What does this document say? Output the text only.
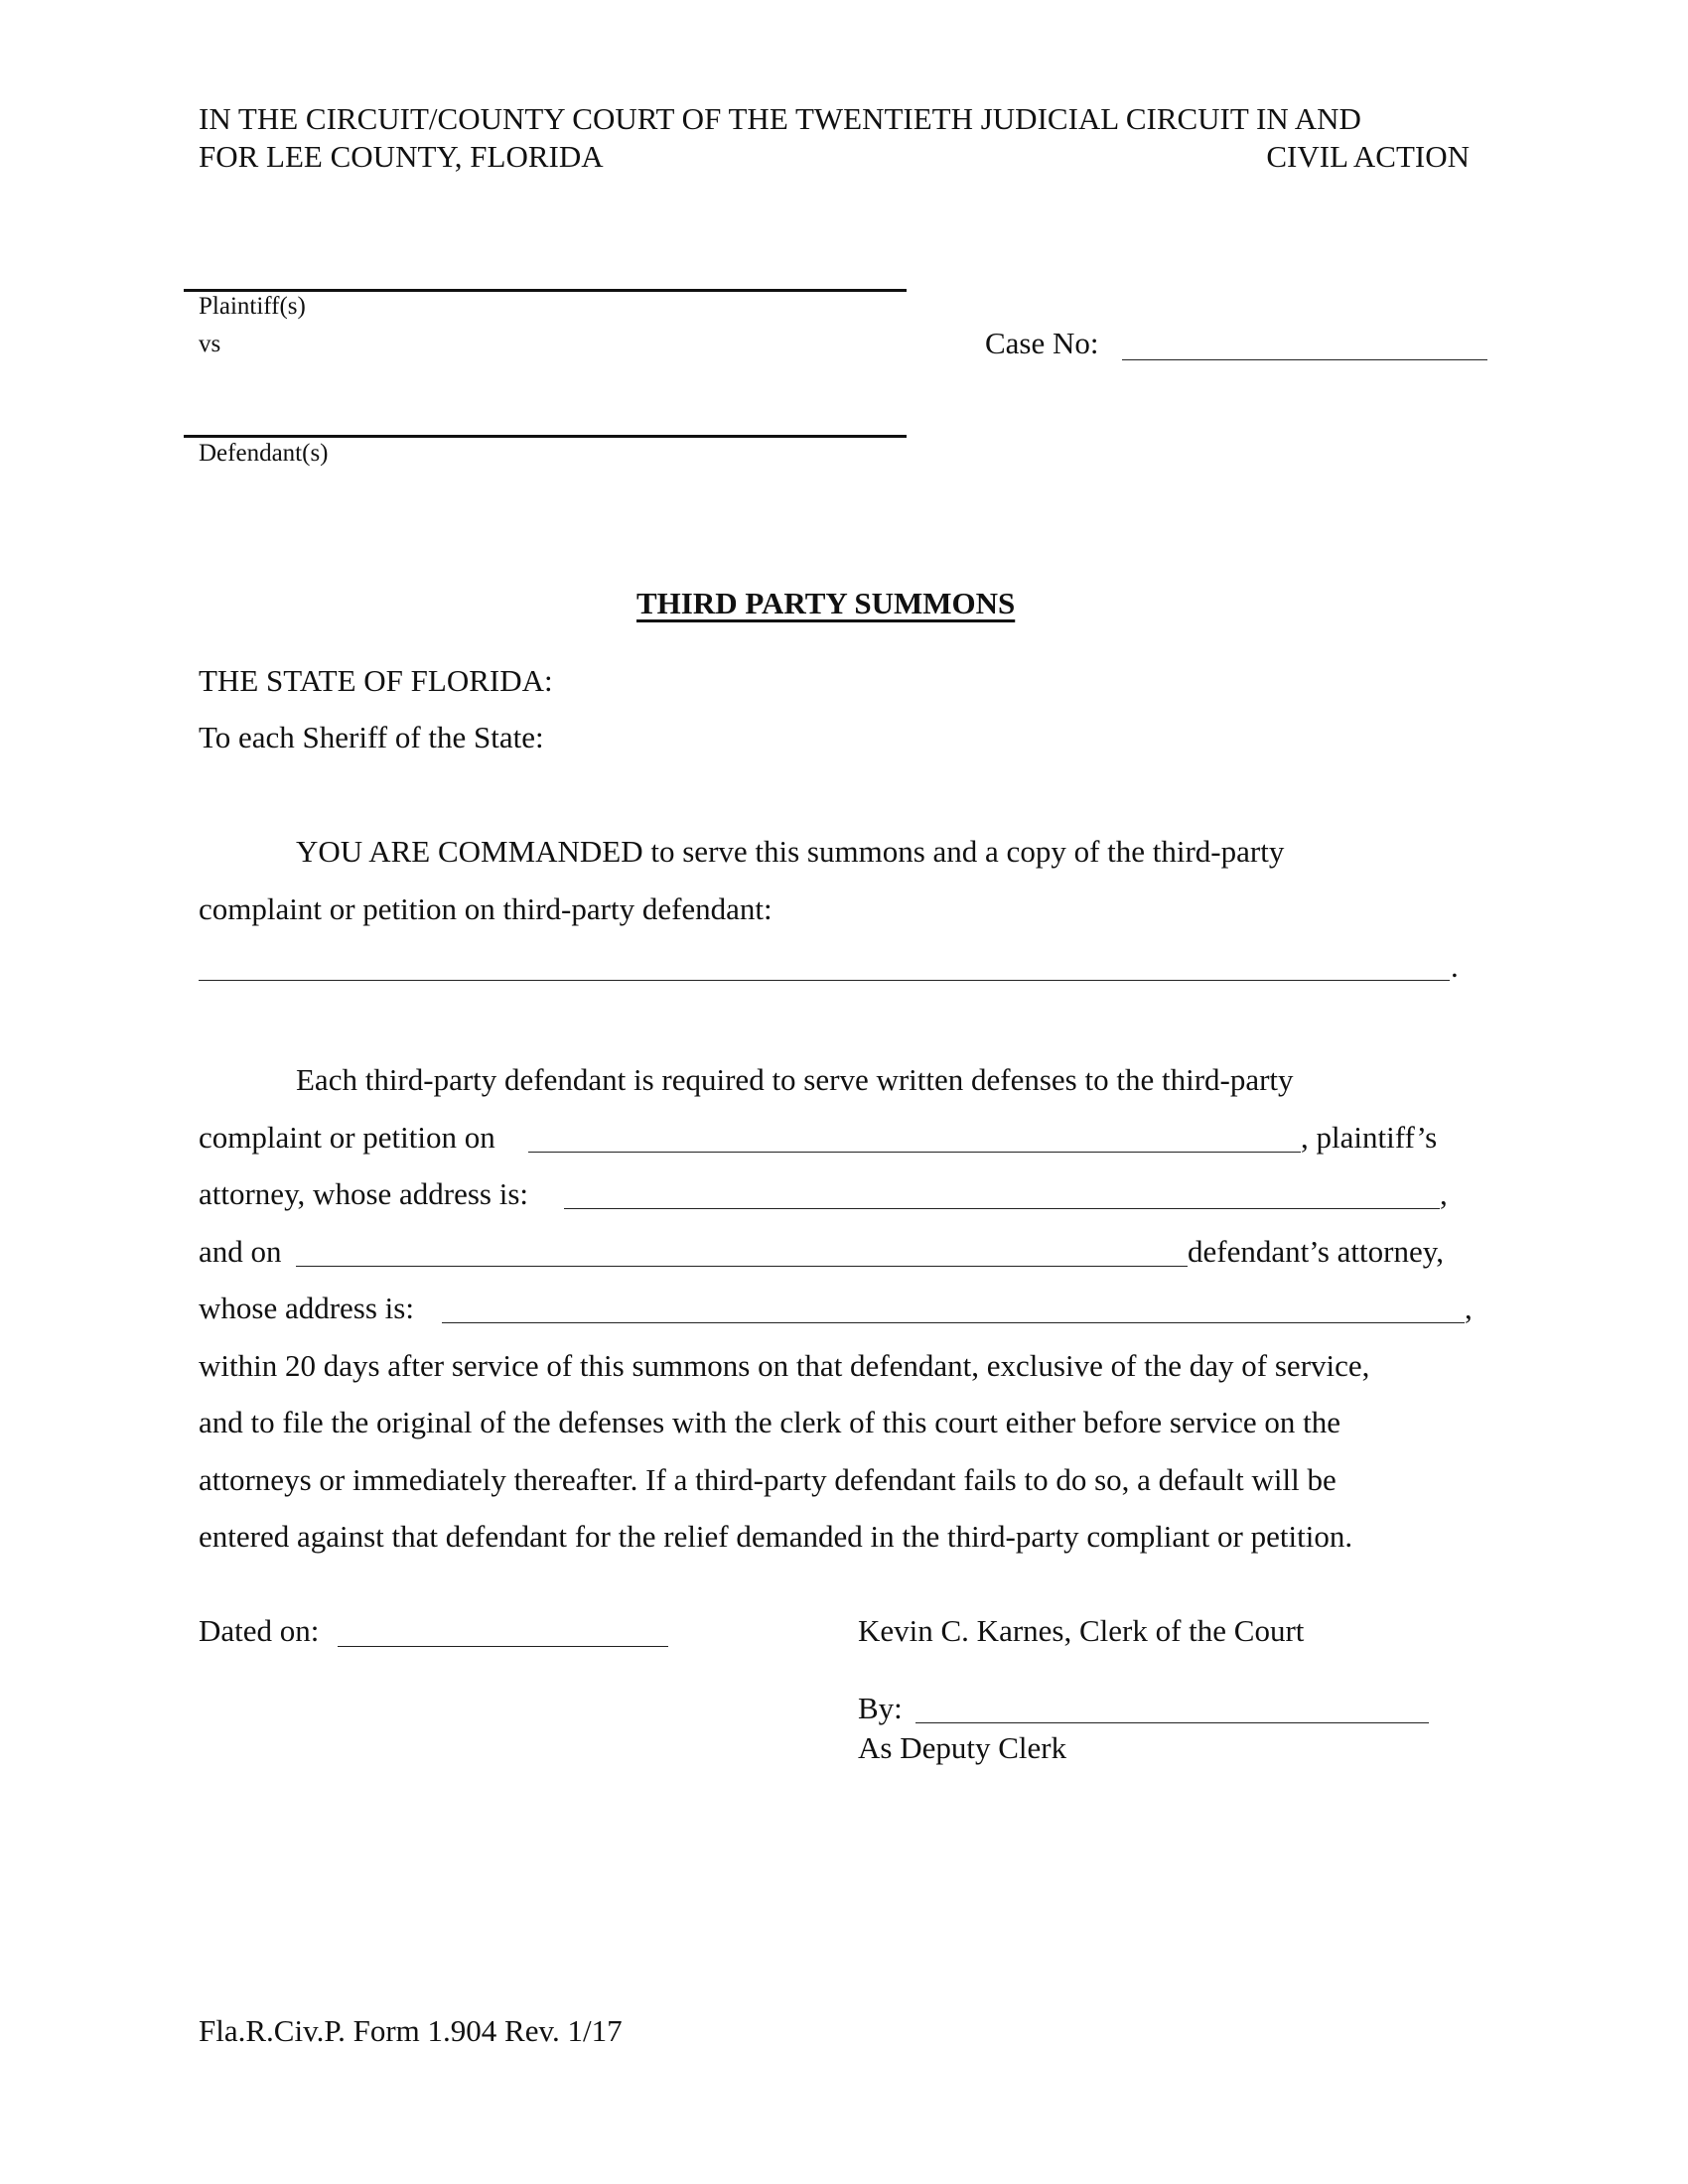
IN THE CIRCUIT/COUNTY COURT OF THE TWENTIETH JUDICIAL CIRCUIT IN AND
FOR LEE COUNTY, FLORIDA	CIVIL ACTION
Plaintiff(s)
vs	Case No:
Defendant(s)
THIRD PARTY SUMMONS
THE STATE OF FLORIDA:
To each Sheriff of the State:
YOU ARE COMMANDED to serve this summons and a copy of the third-party
complaint or petition on third-party defendant:
.
Each third-party defendant is required to serve written defenses to the third-party
complaint or petition on	, plaintiff’s
attorney, whose address is:	,
and on	defendant’s attorney,
whose address is:	,
within 20 days after service of this summons on that defendant, exclusive of the day of service,
and to file the original of the defenses with the clerk of this court either before service on the
attorneys or immediately thereafter. If a third-party defendant fails to do so, a default will be
entered against that defendant for the relief demanded in the third-party compliant or petition.
Dated on:	Kevin C. Karnes, Clerk of the Court
By:
As Deputy Clerk
Fla.R.Civ.P. Form 1.904 Rev. 1/17
